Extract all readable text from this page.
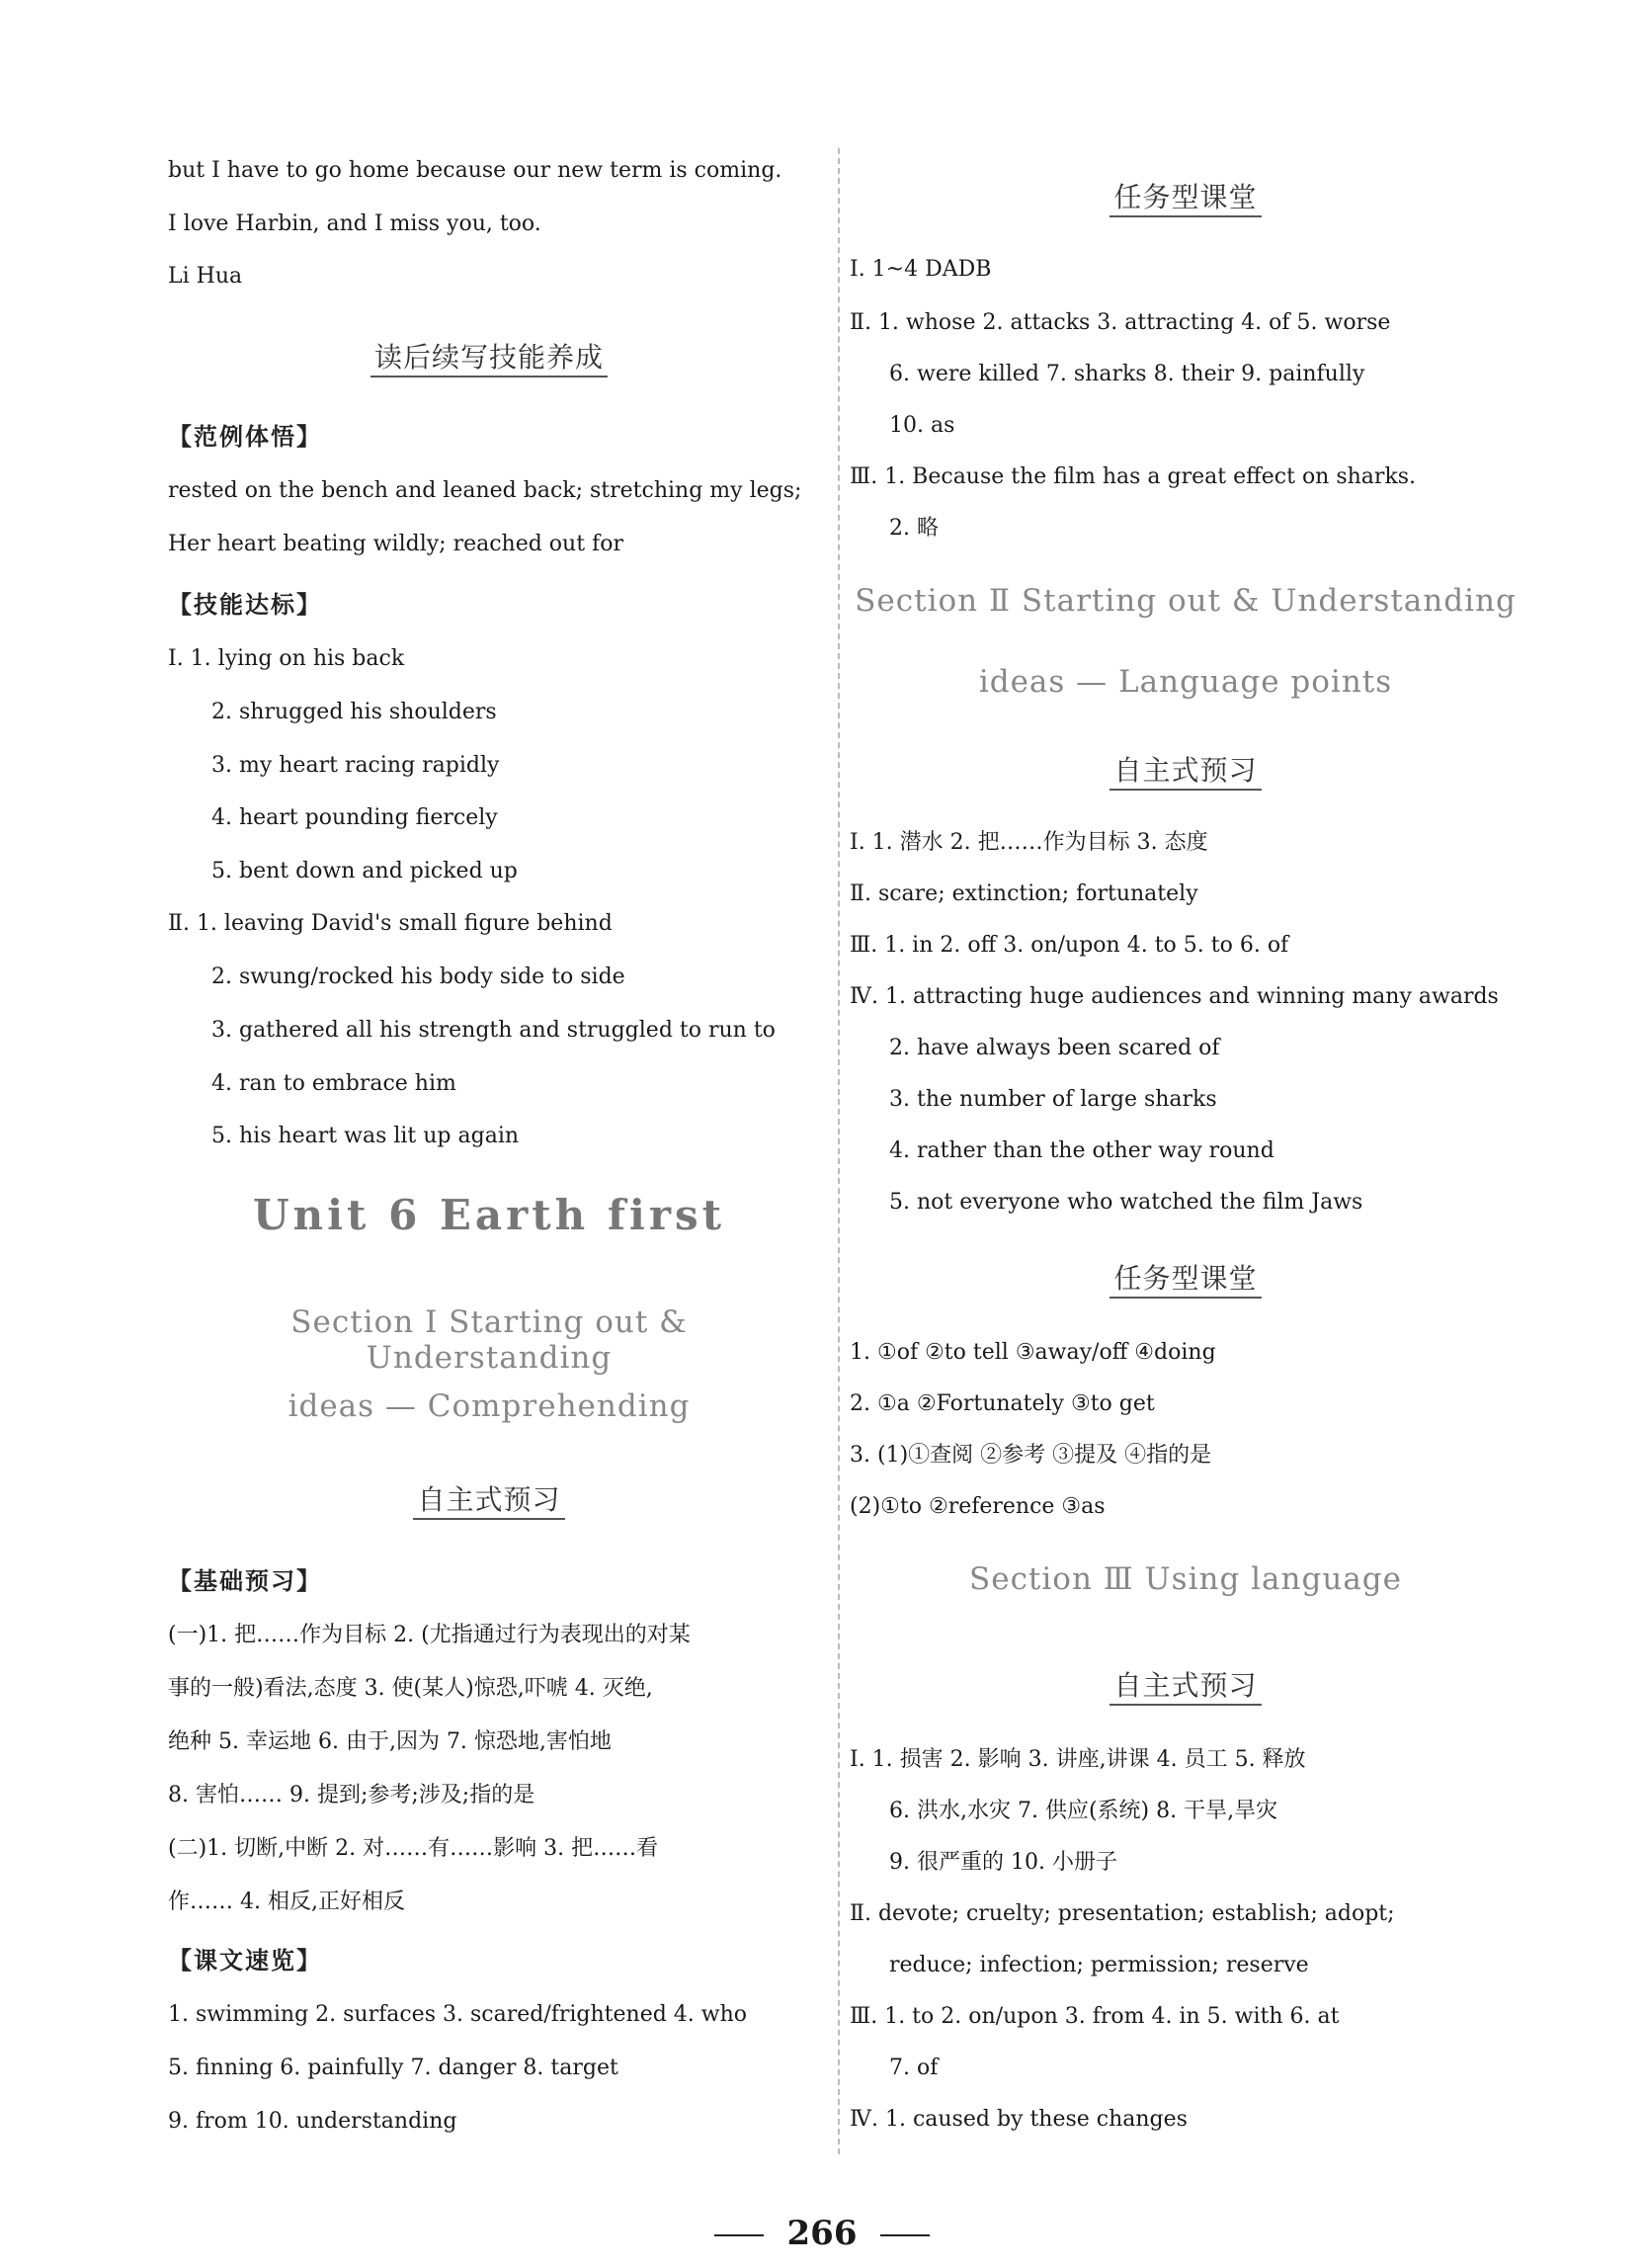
but I have to go home because our new term is coming.
I love Harbin, and I miss you, too.
Li Hua
读后续写技能养成
【范例体悟】
rested on the bench and leaned back; stretching my legs;
Her heart beating wildly; reached out for
【技能达标】
Ⅰ. 1. lying on his back
2. shrugged his shoulders
3. my heart racing rapidly
4. heart pounding fiercely
5. bent down and picked up
Ⅱ. 1. leaving David's small figure behind
2. swung/rocked his body side to side
3. gathered all his strength and struggled to run to
4. ran to embrace him
5. his heart was lit up again
Unit 6 Earth first
Section Ⅰ Starting out & Understanding
ideas — Comprehending
自主式预习
【基础预习】
(一)1. 把……作为目标 2. (尤指通过行为表现出的对某
事的一般)看法,态度 3. 使(某人)惊恐,吓唬 4. 灭绝,
绝种 5. 幸运地 6. 由于,因为 7. 惊恐地,害怕地
8. 害怕…… 9. 提到;参考;涉及;指的是
(二)1. 切断,中断 2. 对……有……影响 3. 把……看
作…… 4. 相反,正好相反
【课文速览】
1. swimming 2. surfaces 3. scared/frightened 4. who
5. finning 6. painfully 7. danger 8. target
9. from 10. understanding
任务型课堂
Ⅰ. 1~4 DADB
Ⅱ. 1. whose 2. attacks 3. attracting 4. of 5. worse
6. were killed 7. sharks 8. their 9. painfully
10. as
Ⅲ. 1. Because the film has a great effect on sharks.
2. 略
Section Ⅱ Starting out & Understanding
ideas — Language points
自主式预习
Ⅰ. 1. 潜水 2. 把……作为目标 3. 态度
Ⅱ. scare; extinction; fortunately
Ⅲ. 1. in 2. off 3. on/upon 4. to 5. to 6. of
Ⅳ. 1. attracting huge audiences and winning many awards
2. have always been scared of
3. the number of large sharks
4. rather than the other way round
5. not everyone who watched the film Jaws
任务型课堂
1. ①of ②to tell ③away/off ④doing
2. ①a ②Fortunately ③to get
3. (1)①查阅 ②参考 ③提及 ④指的是
(2)①to ②reference ③as
Section Ⅲ Using language
自主式预习
Ⅰ. 1. 损害 2. 影响 3. 讲座,讲课 4. 员工 5. 释放
6. 洪水,水灾 7. 供应(系统) 8. 干旱,旱灾
9. 很严重的 10. 小册子
Ⅱ. devote; cruelty; presentation; establish; adopt;
reduce; infection; permission; reserve
Ⅲ. 1. to 2. on/upon 3. from 4. in 5. with 6. at
7. of
Ⅳ. 1. caused by these changes
266
